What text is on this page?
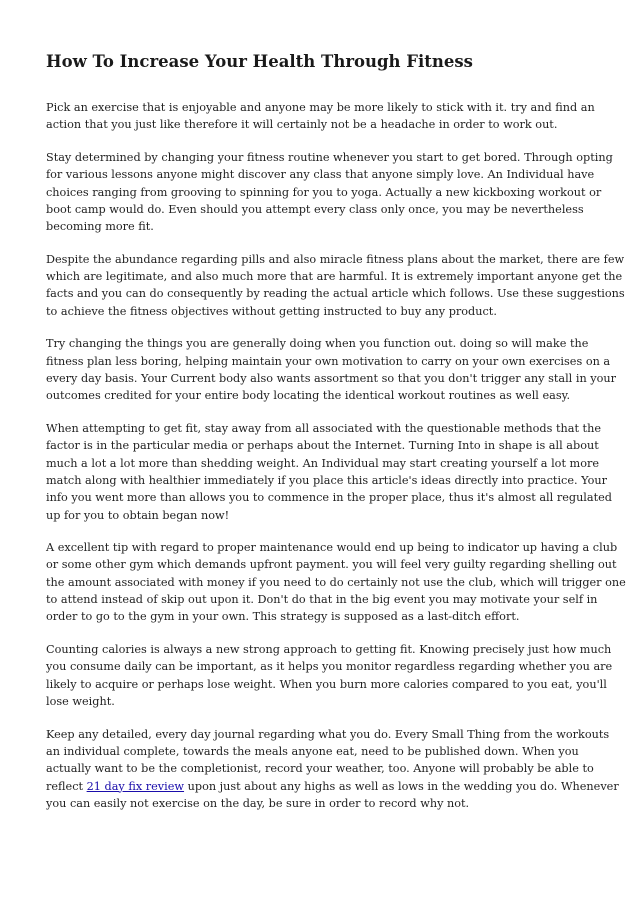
How To Increase Your Health Through Fitness

Pick an exercise that is enjoyable and anyone may be more likely to stick with it. try and find an
action that you just like therefore it will certainly not be a headache in order to work out.

Stay determined by changing your fitness routine whenever you start to get bored. Through opting
for various lessons anyone might discover any class that anyone simply love. An Individual have
choices ranging from grooving to spinning for you to yoga. Actually a new kickboxing workout or
boot camp would do. Even should you attempt every class only once, you may be nevertheless
becoming more fit.

Despite the abundance regarding pills and also miracle fitness plans about the market, there are few
which are legitimate, and also much more that are harmful. It is extremely important anyone get the
facts and you can do consequently by reading the actual article which follows. Use these suggestions
to achieve the fitness objectives without getting instructed to buy any product.

Try changing the things you are generally doing when you function out. doing so will make the
fitness plan less boring, helping maintain your own motivation to carry on your own exercises on a
every day basis. Your Current body also wants assortment so that you don't trigger any stall in your
outcomes credited for your entire body locating the identical workout routines as well easy.

When attempting to get fit, stay away from all associated with the questionable methods that the
factor is in the particular media or perhaps about the Internet. Turning Into in shape is all about
much a lot a lot more than shedding weight. An Individual may start creating yourself a lot more
match along with healthier immediately if you place this article's ideas directly into practice. Your
info you went more than allows you to commence in the proper place, thus it's almost all regulated
up for you to obtain began now!

A excellent tip with regard to proper maintenance would end up being to indicator up having a club
or some other gym which demands upfront payment. you will feel very guilty regarding shelling out
the amount associated with money if you need to do certainly not use the club, which will trigger one
to attend instead of skip out upon it. Don't do that in the big event you may motivate your self in
order to go to the gym in your own. This strategy is supposed as a last-ditch effort.

Counting calories is always a new strong approach to getting fit. Knowing precisely just how much
you consume daily can be important, as it helps you monitor regardless regarding whether you are
likely to acquire or perhaps lose weight. When you burn more calories compared to you eat, you'll
lose weight.

Keep any detailed, every day journal regarding what you do. Every Small Thing from the workouts
an individual complete, towards the meals anyone eat, need to be published down. When you
actually want to be the completionist, record your weather, too. Anyone will probably be able to
reflect 21 day fix review upon just about any highs as well as lows in the wedding you do. Whenever
you can easily not exercise on the day, be sure in order to record why not.
